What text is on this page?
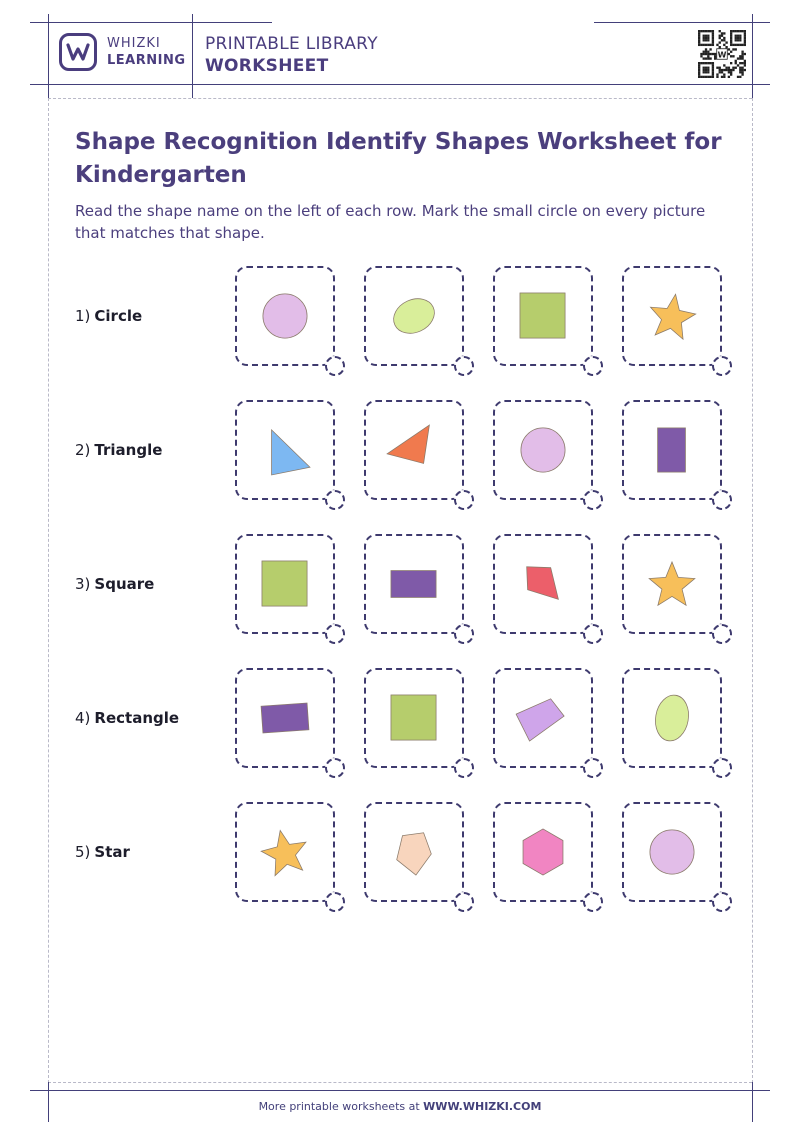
WHIZKI
LEARNING
PRINTABLE LIBRARY
WORKSHEET
W
Shape Recognition Identify Shapes Worksheet for Kindergarten
Read the shape name on the left of each row. Mark the small circle on every picture that matches that shape.
1) Circle
2) Triangle
3) Square
4) Rectangle
5) Star
More printable worksheets at WWW.WHIZKI.COM
